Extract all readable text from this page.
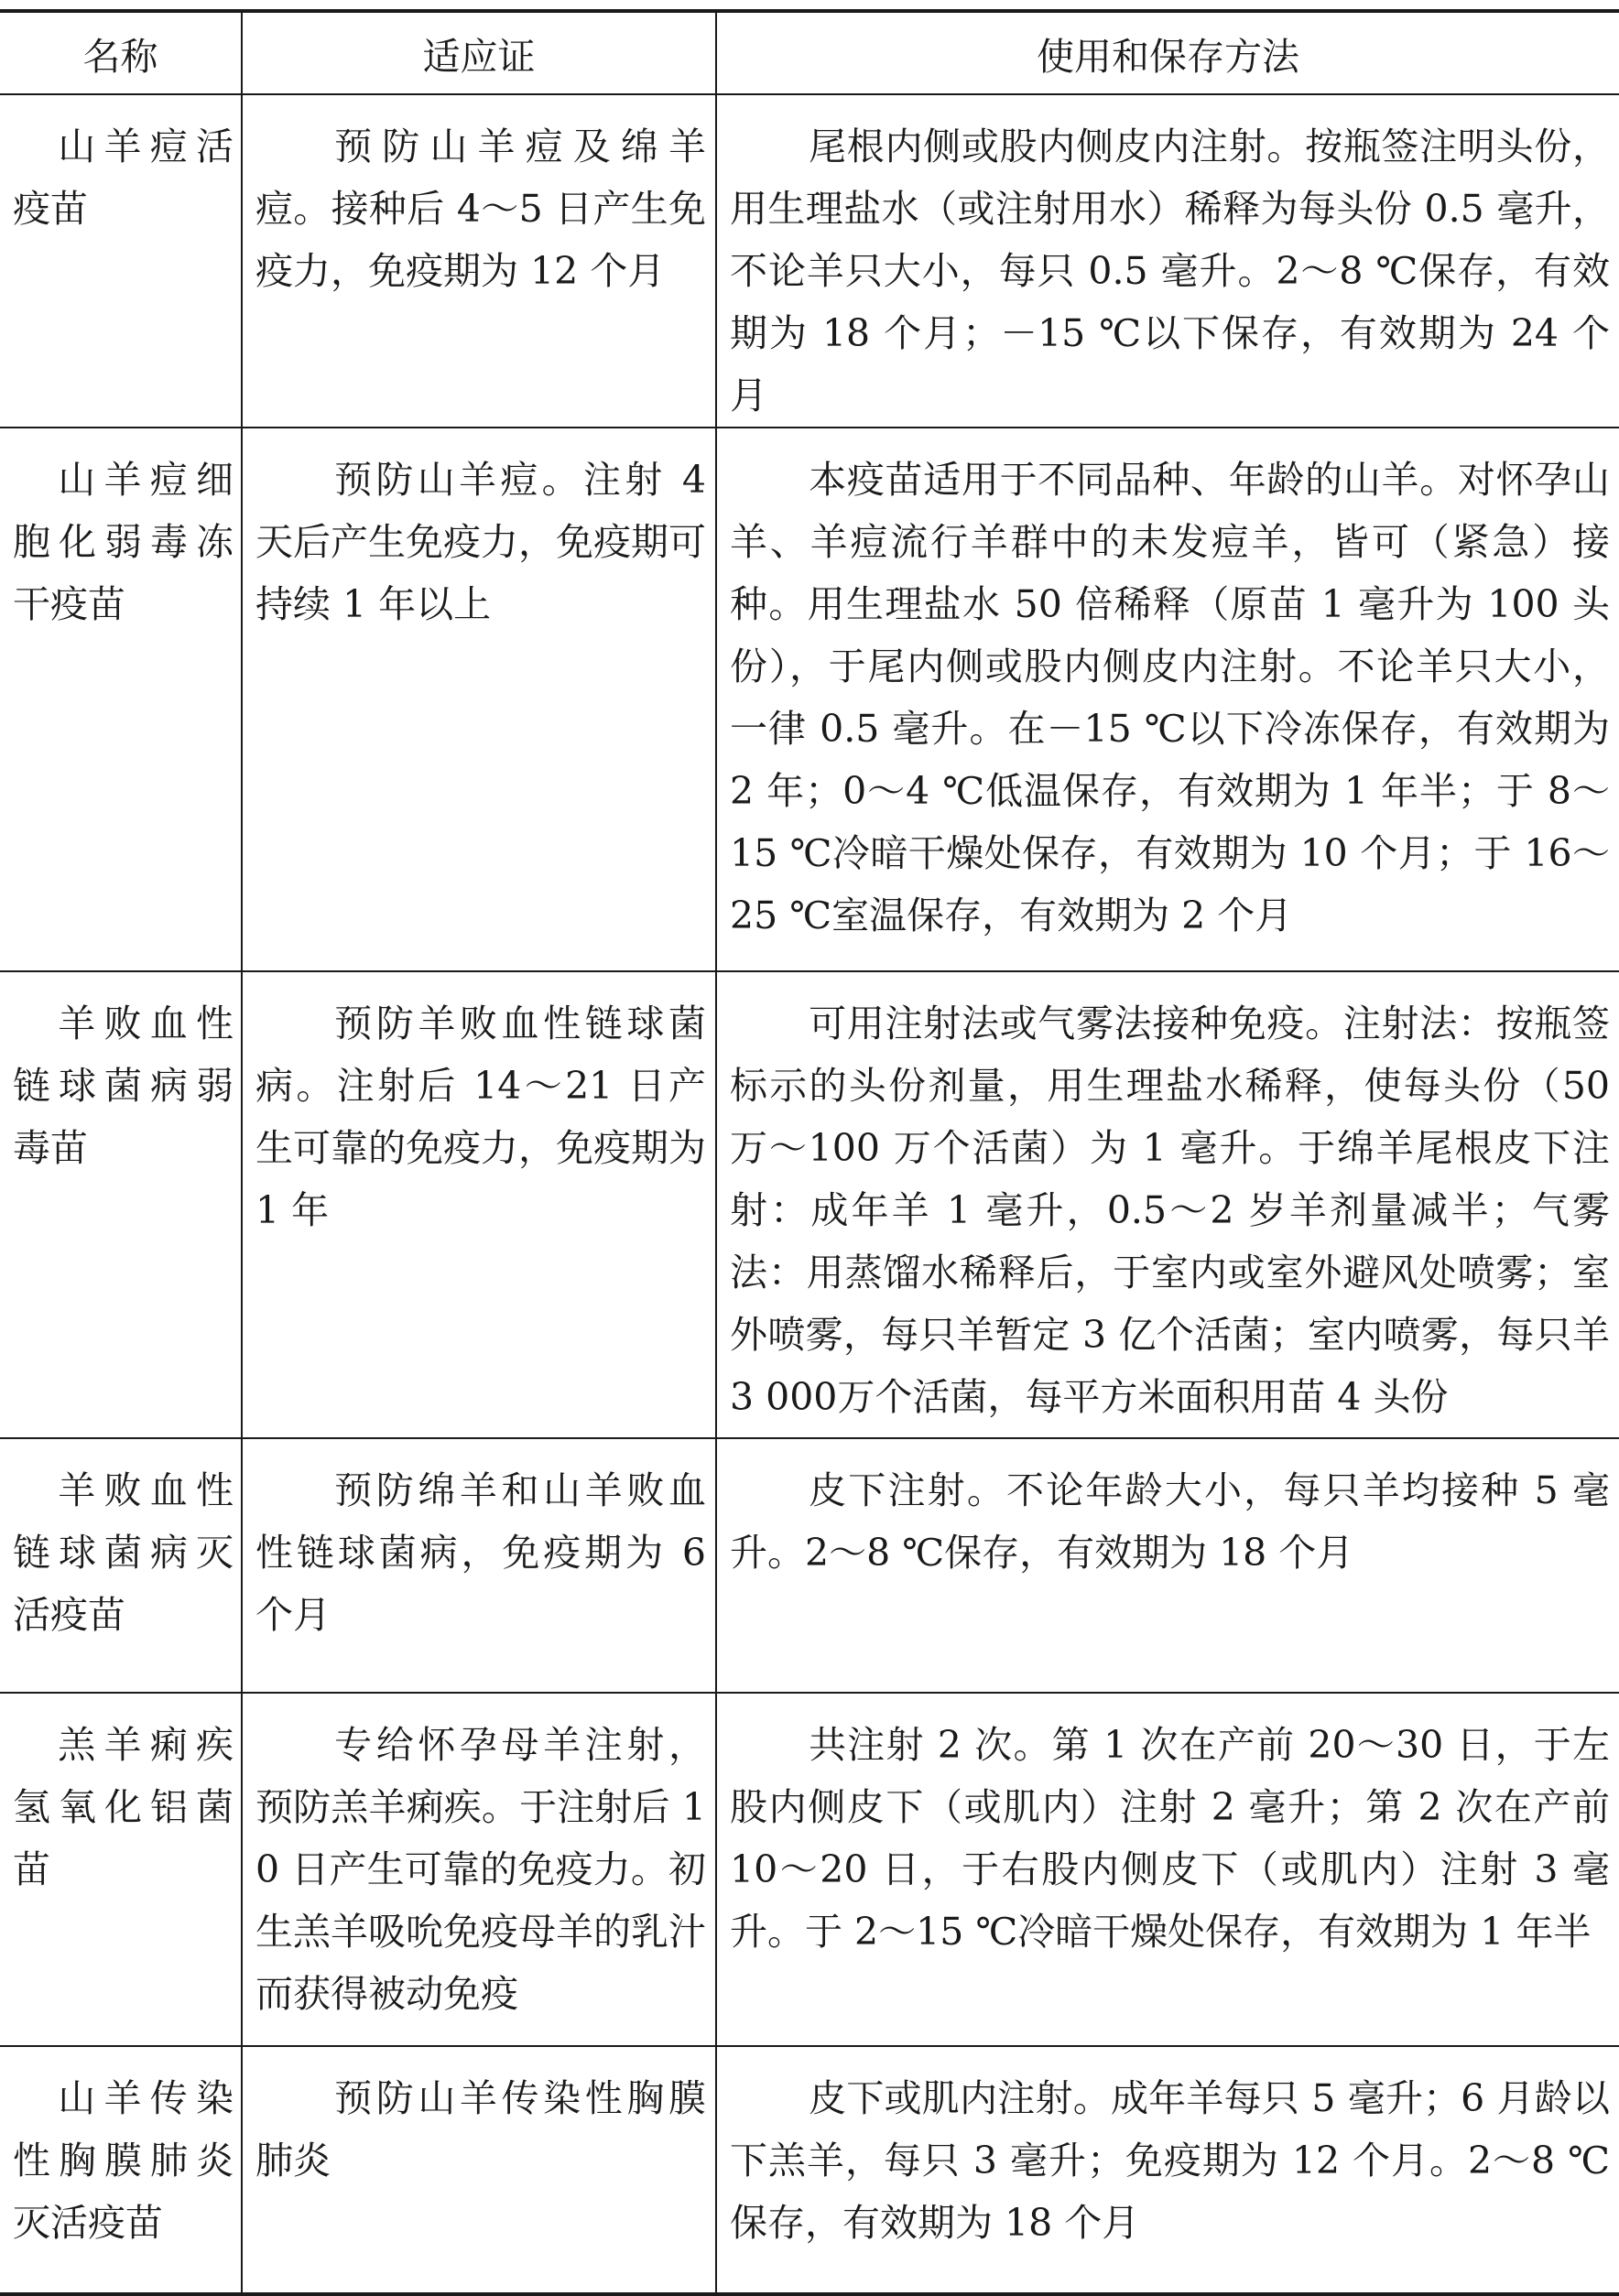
名称	适应证	使用和保存方法

山羊痘活疫苗	预防山羊痘及绵羊痘。接种后 4～5 日产生免疫力，免疫期为 12 个月	尾根内侧或股内侧皮内注射。按瓶签注明头份，用生理盐水（或注射用水）稀释为每头份 0.5 毫升，不论羊只大小，每只 0.5 毫升。2～8 ℃保存，有效期为 18 个月；－15 ℃以下保存，有效期为 24 个月

山羊痘细胞化弱毒冻干疫苗	预防山羊痘。注射 4 天后产生免疫力，免疫期可持续 1 年以上	本疫苗适用于不同品种、年龄的山羊。对怀孕山羊、羊痘流行羊群中的未发痘羊，皆可（紧急）接种。用生理盐水 50 倍稀释（原苗 1 毫升为 100 头份），于尾内侧或股内侧皮内注射。不论羊只大小，一律 0.5 毫升。在－15 ℃以下冷冻保存，有效期为 2 年；0～4 ℃低温保存，有效期为 1 年半；于 8～15 ℃冷暗干燥处保存，有效期为 10 个月；于 16～25 ℃室温保存，有效期为 2 个月

羊败血性链球菌病弱毒苗	预防羊败血性链球菌病。注射后 14～21 日产生可靠的免疫力，免疫期为 1 年	可用注射法或气雾法接种免疫。注射法：按瓶签标示的头份剂量，用生理盐水稀释，使每头份（50 万～100 万个活菌）为 1 毫升。于绵羊尾根皮下注射：成年羊 1 毫升，0.5～2 岁羊剂量减半；气雾法：用蒸馏水稀释后，于室内或室外避风处喷雾；室外喷雾，每只羊暂定 3 亿个活菌；室内喷雾，每只羊3 000万个活菌，每平方米面积用苗 4 头份

羊败血性链球菌病灭活疫苗	预防绵羊和山羊败血性链球菌病，免疫期为 6 个月	皮下注射。不论年龄大小，每只羊均接种 5 毫升。2～8 ℃保存，有效期为 18 个月

羔羊痢疾氢氧化铝菌苗	专给怀孕母羊注射，预防羔羊痢疾。于注射后 10 日产生可靠的免疫力。初生羔羊吸吮免疫母羊的乳汁而获得被动免疫	共注射 2 次。第 1 次在产前 20～30 日，于左股内侧皮下（或肌内）注射 2 毫升；第 2 次在产前 10～20 日，于右股内侧皮下（或肌内）注射 3 毫升。于 2～15 ℃冷暗干燥处保存，有效期为 1 年半

山羊传染性胸膜肺炎灭活疫苗	预防山羊传染性胸膜肺炎	皮下或肌内注射。成年羊每只 5 毫升；6 月龄以下羔羊，每只 3 毫升；免疫期为 12 个月。2～8 ℃保存，有效期为 18 个月
